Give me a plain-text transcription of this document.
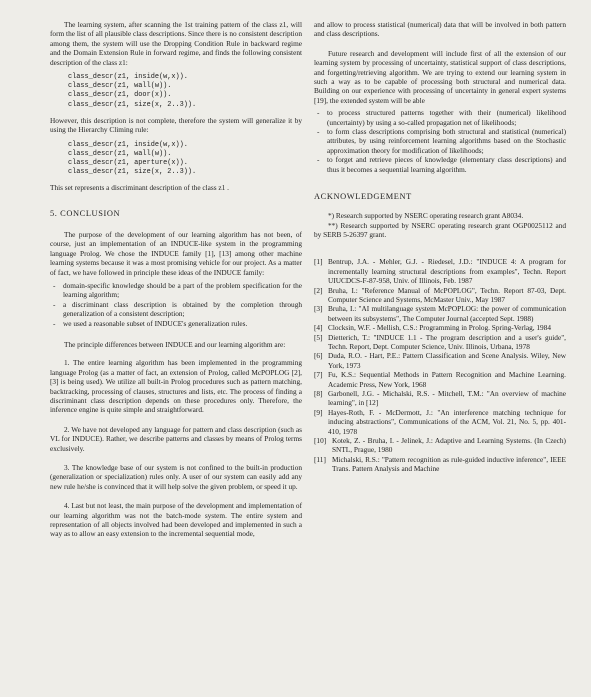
The learning system, after scanning the 1st training pattern of the class z1, will form the list of all plausible class descriptions. Since there is no consistent description among them, the system will use the Dropping Condition Rule in backward regime and the Domain Extension Rule in forward regime, and finds the following consistent description of the class z1:

class_descr(z1, inside(w,x)).
class_descr(z1, wall(w)).
class_descr(z1, door(x)).
class_descr(z1, size(x, 2..3)).

However, this description is not complete, therefore the system will generalize it by using the Hierarchy Climing rule:

class_descr(z1, inside(w,x)).
class_descr(z1, wall(w)).
class_descr(z1, aperture(x)).
class_descr(z1, size(x, 2..3)).

This set represents a discriminant description of the class z1 .

5. CONCLUSION

The purpose of the development of our learning algorithm has not been, of course, just an implementation of an INDUCE-like system in the programming language Prolog. We chose the INDUCE family [1], [13] among other machine learning systems because it was a most promising vehicle for our project. As a matter of fact, we have followed in principle these ideas of the INDUCE family:

- domain-specific knowledge should be a part of the problem specification for the learning algorithm;
- a discriminant class description is obtained by the completion through generalization of a consistent description;
- we used a reasonable subset of INDUCE's generalization rules.

The principle differences between INDUCE and our learning algorithm are:

1. The entire learning algorithm has been implemented in the programming language Prolog (as a matter of fact, an extension of Prolog, called McPOPLOG [2], [3] is being used). We utilize all built-in Prolog procedures such as pattern matching, backtracking, processing of clauses, structures and lists, etc. The process of finding a discriminant class description depends on these procedures only. Therefore, the inference engine is quite simple and straightforward.

2. We have not developed any language for pattern and class description (such as VL for INDUCE). Rather, we describe patterns and classes by means of Prolog terms exclusively.

3. The knowledge base of our system is not confined to the built-in production (generalization or specialization) rules only. A user of our system can easily add any new rule he/she is convinced that it will help solve the given problem, or speed it up.

4. Last but not least, the main purpose of the development and implementation of our learning algorithm was not the batch-mode system. The entire system and representation of all objects involved had been developed and implemented in such a way as to allow an easy extension to the incremental sequential mode,

and allow to process statistical (numerical) data that will be involved in both pattern and class descriptions.

Future research and development will include first of all the extension of our learning system by processing of uncertainty, statistical support of class descriptions, and forgetting/retrieving algorithm. We are trying to extend our learning system in such a way as to be capable of processing both structural and numerical data. Building on our experience with processing of uncertainty in general expert systems [19], the extended system will be able

- to process structured patterns together with their (numerical) likelihood (uncertainty) by using a so-called propagation net of likelihoods;
- to form class descriptions comprising both structural and statistical (numerical) attributes, by using reinforcement learning algorithms based on the Stochastic approximation theory for modification of likelihoods;
- to forget and retrieve pieces of knowledge (elementary class descriptions) and thus it becomes a sequential learning algorithm.
ACKNOWLEDGEMENT

*) Research supported by NSERC operating research grant A8034.

**) Research supported by NSERC operating research grant OGP0025112 and by SERB 5-26397 grant.

[1] Bentrup, J.A. - Mehler, G.J. - Riedesel, J.D.: "INDUCE 4: A program for incrementally learning structural descriptions from examples", Techn. Report UIUCDCS-F-87-958, Univ. of Illinois, Feb. 1987
[2] Bruha, I.: "Reference Manual of McPOPLOG", Techn. Report 87-03, Dept. Computer Science and Systems, McMaster Univ., May 1987
[3] Bruha, I.: "AI multilanguage system McPOPLOG: the power of communication between its subsystems", The Computer Journal (accepted Sept. 1988)
[4] Clocksin, W.F. - Mellish, C.S.: Programming in Prolog. Spring-Verlag, 1984
[5] Dietterich, T.: "INDUCE 1.1 - The program description and a user's guide", Techn. Report, Dept. Computer Science, Univ. Illinois, Urbana, 1978
[6] Duda, R.O. - Hart, P.E.: Pattern Classification and Scene Analysis. Wiley, New York, 1973
[7] Fu, K.S.: Sequential Methods in Pattern Recognition and Machine Learning. Academic Press, New York, 1968
[8] Garbonell, J.G. - Michalski, R.S. - Mitchell, T.M.: "An overview of machine learning", in [12]
[9] Hayes-Roth, F. - McDermott, J.: "An interference matching technique for inducing abstractions", Communications of the ACM, Vol. 21, No. 5, pp. 401-410, 1978
[10] Kotek, Z. - Bruha, I. - Jelinek, J.: Adaptive and Learning Systems. (In Czech) SNTL, Prague, 1980
[11] Michalski, R.S.: "Pattern recognition as rule-guided inductive inference", IEEE Trans. Pattern Analysis and Machine
